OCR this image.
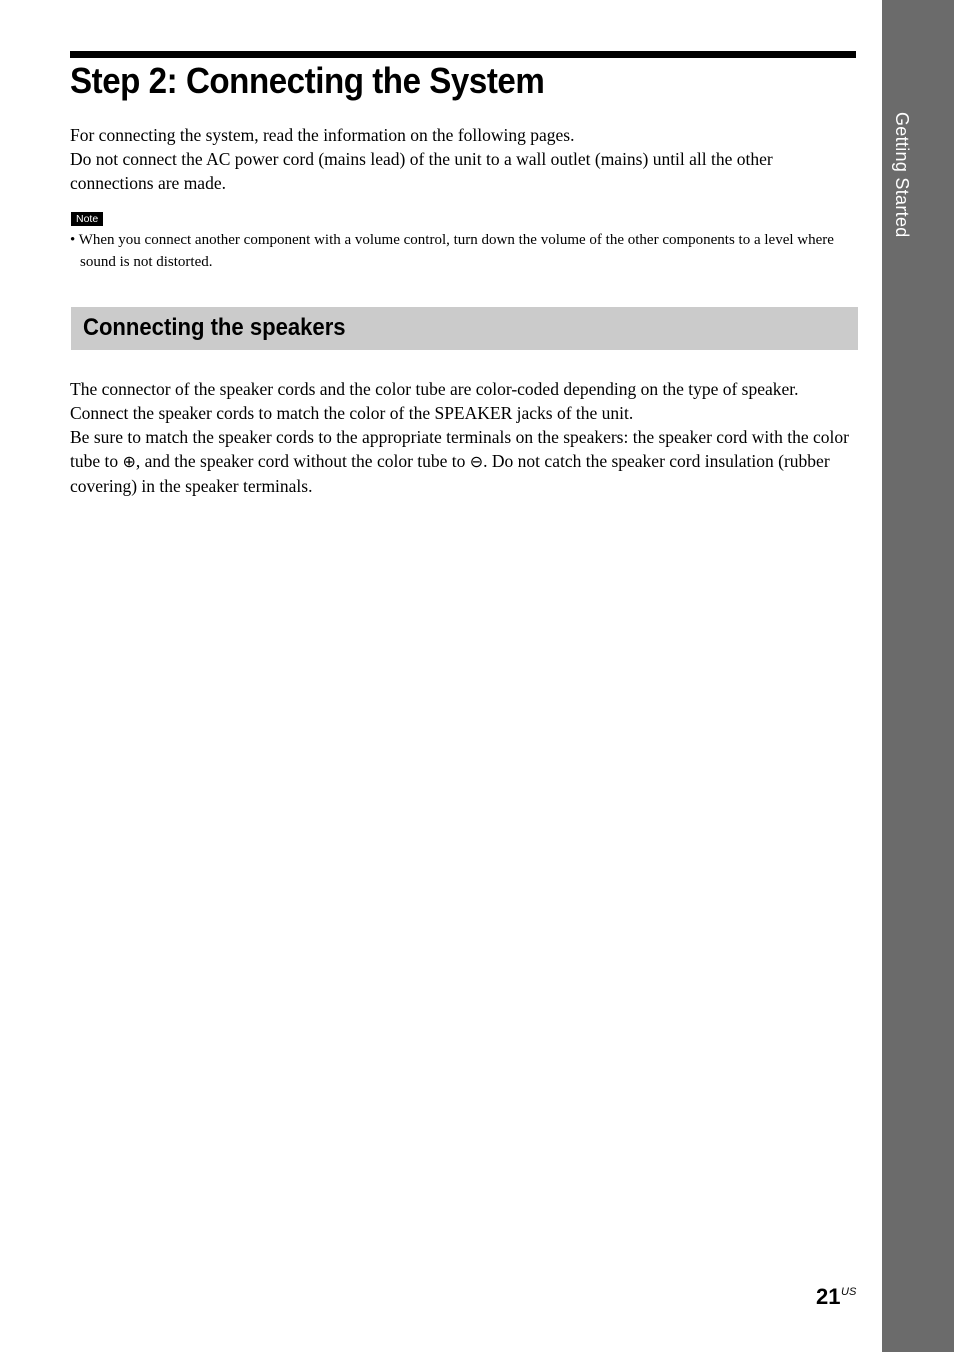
Getting Started
Step 2: Connecting the System

For connecting the system, read the information on the following pages.

Do not connect the AC power cord (mains lead) of the unit to a wall outlet (mains) until all the other connections are made.

Note

• When you connect another component with a volume control, turn down the volume of the other components to a level where sound is not distorted.

Connecting the speakers

The connector of the speaker cords and the color tube are color-coded depending on the type of speaker.

Connect the speaker cords to match the color of the SPEAKER jacks of the unit.

Be sure to match the speaker cords to the appropriate terminals on the speakers: the speaker cord with the color tube to ⊕, and the speaker cord without the color tube to ⊖. Do not catch the speaker cord insulation (rubber covering) in the speaker terminals.

21 US
